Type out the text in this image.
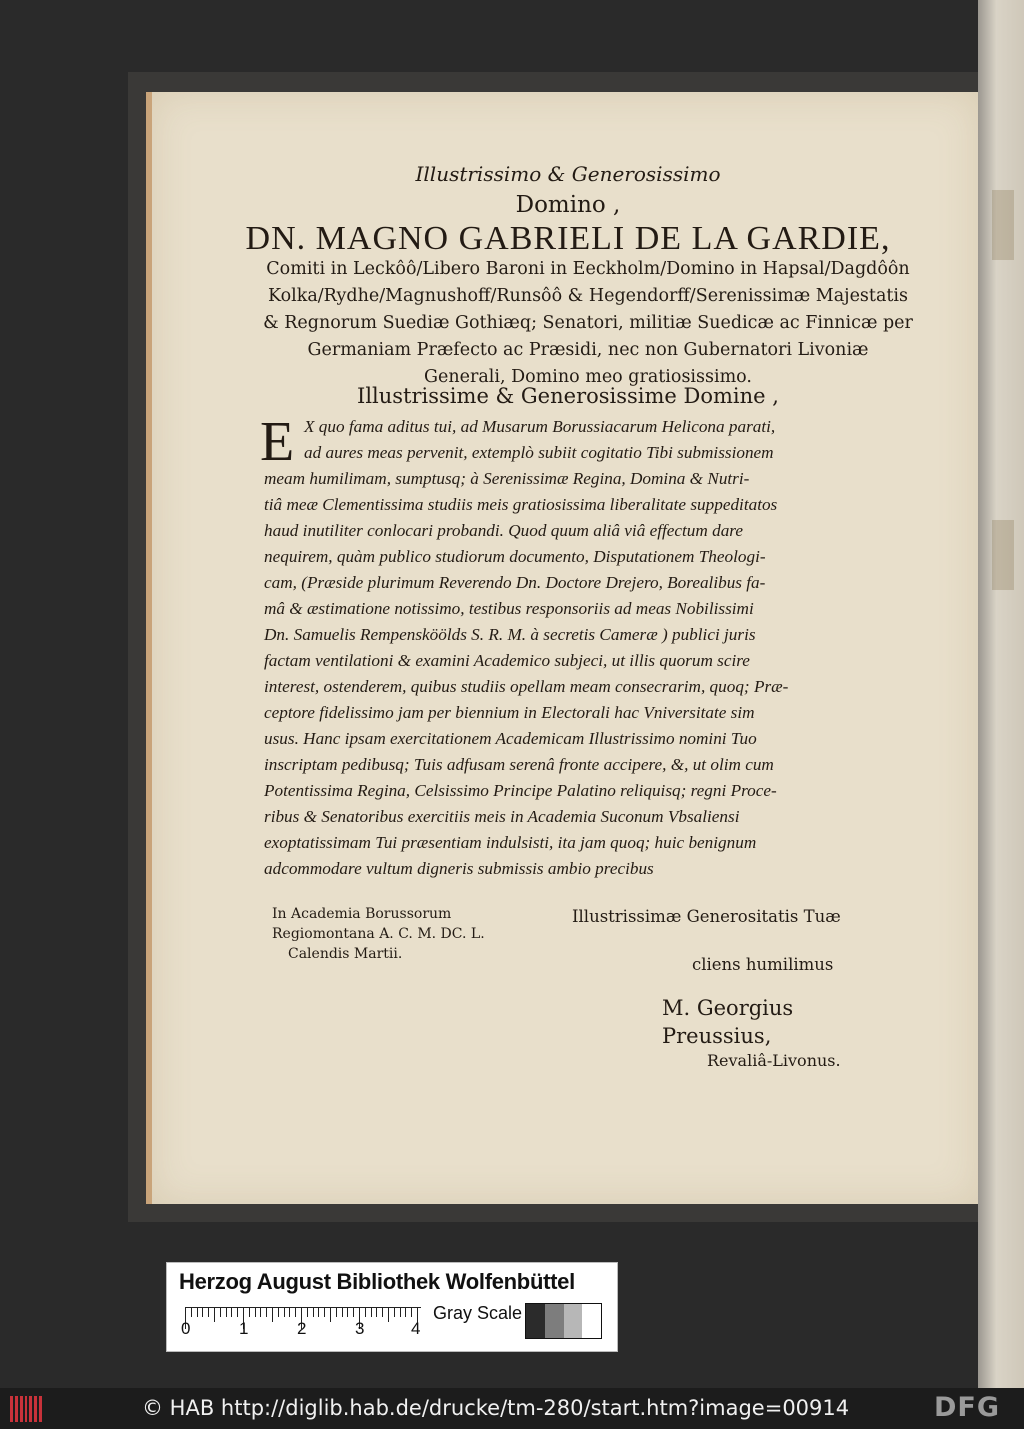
Illustrissimo & Generosissimo
Domino ,
DN. MAGNO GABRIELI DE LA GARDIE,
Comiti in Leckôô/Libero Baroni in Eeckholm/Domino in Hapsal/Dagdôôn
Kolka/Rydhe/Magnushoff/Runsôô & Hegendorff/Serenissimæ Majestatis
& Regnorum Suediæ Gothiæq; Senatori, militiæ Suedicæ ac Finnicæ per
Germaniam Præfecto ac Præsidi, nec non Gubernatori Livoniæ
Generali, Domino meo gratiosissimo.
Illustrissime & Generosissime Domine ,
E X quo fama aditus tui, ad Musarum Borussiacarum Helicona parati,
ad aures meas pervenit, extemplò subiit cogitatio Tibi submissionem
meam humilimam, sumptusq; à Serenissimæ Regina, Domina & Nutri-
tiâ meæ Clementissima studiis meis gratiosissima liberalitate suppeditatos
haud inutiliter conlocari probandi. Quod quum aliâ viâ effectum dare
nequirem, quàm publico studiorum documento, Disputationem Theologi-
cam, (Præside plurimum Reverendo Dn. Doctore Drejero, Borealibus fa-
mâ & æstimatione notissimo, testibus responsoriis ad meas Nobilissimi
Dn. Samuelis Rempensköölds S. R. M. à secretis Cameræ ) publici juris
factam ventilationi & examini Academico subjeci, ut illis quorum scire
interest, ostenderem, quibus studiis opellam meam consecrarim, quoq; Præ-
ceptore fidelissimo jam per biennium in Electorali hac Vniversitate sim
usus. Hanc ipsam exercitationem Academicam Illustrissimo nomini Tuo
inscriptam pedibusq; Tuis adfusam serenâ fronte accipere, &, ut olim cum
Potentissima Regina, Celsissimo Principe Palatino reliquisq; regni Proce-
ribus & Senatoribus exercitiis meis in Academia Suconum Vbsaliensi
exoptatissimam Tui præsentiam indulsisti, ita jam quoq; huic benignum
adcommodare vultum digneris submissis ambio precibus
In Academia Borussorum
Regiomontana A. C. M. DC. L.
Calendis Martii.
Illustrissimæ Generositatis Tuæ
cliens humilimus
M. Georgius Preussius,
Revaliâ-Livonus.
Herzog August Bibliothek Wolfenbüttel
0	1	2	3	4
Gray Scale
© HAB http://diglib.hab.de/drucke/tm-280/start.htm?image=00914	DFG
